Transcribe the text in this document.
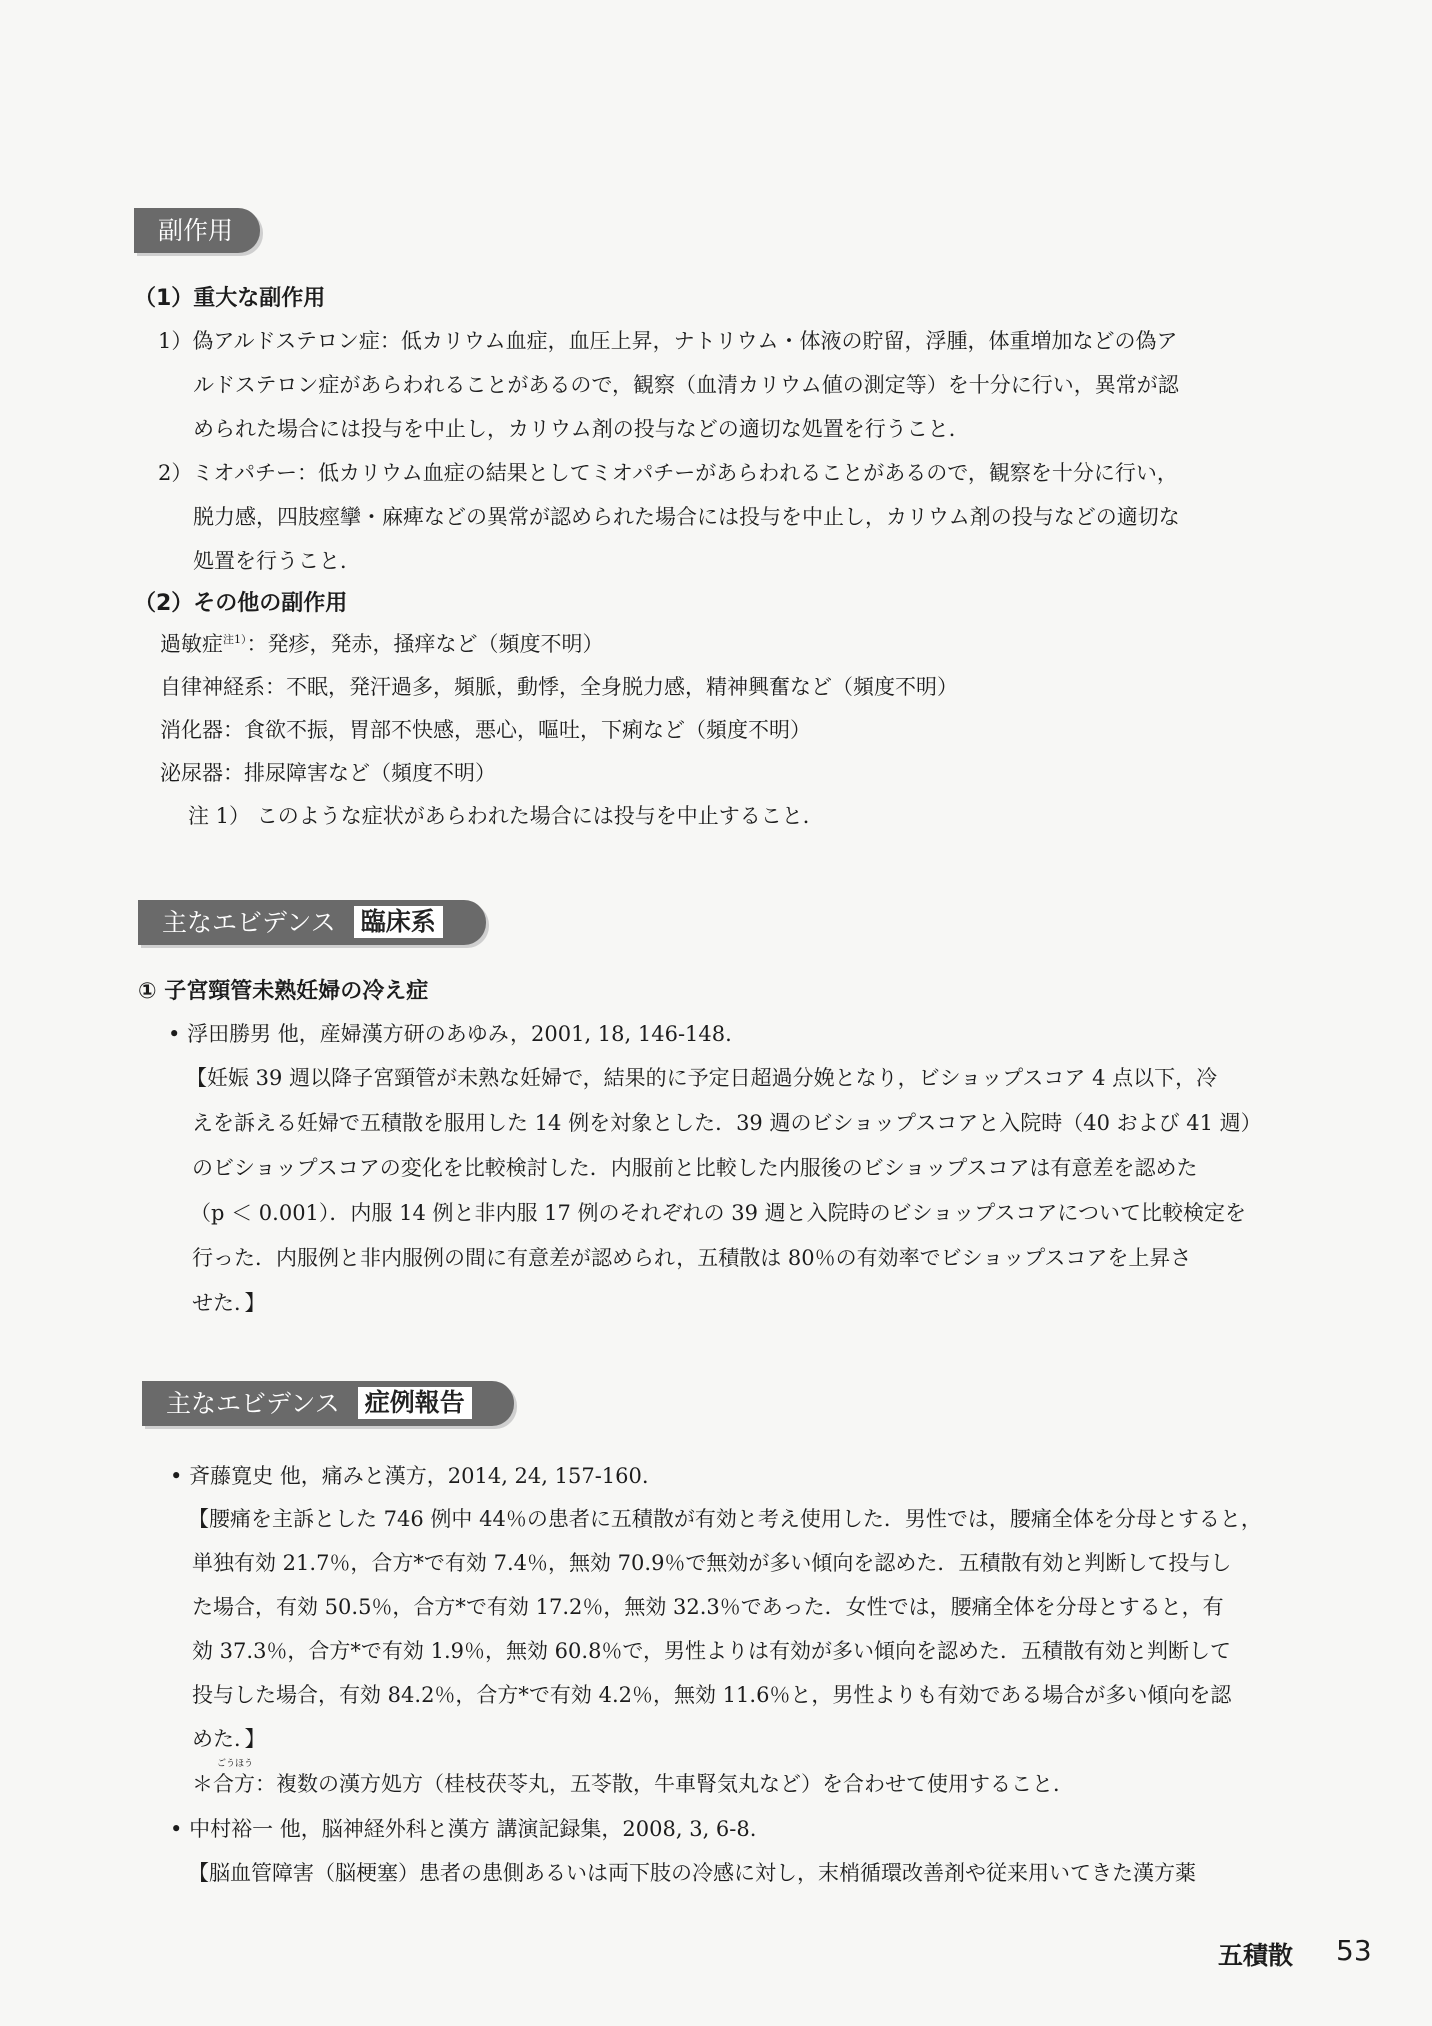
副作用
（1）重大な副作用
1）偽アルドステロン症：低カリウム血症，血圧上昇，ナトリウム・体液の貯留，浮腫，体重増加などの偽ア
ルドステロン症があらわれることがあるので，観察（血清カリウム値の測定等）を十分に行い，異常が認
められた場合には投与を中止し，カリウム剤の投与などの適切な処置を行うこと．
2）ミオパチー：低カリウム血症の結果としてミオパチーがあらわれることがあるので，観察を十分に行い，
脱力感，四肢痙攣・麻痺などの異常が認められた場合には投与を中止し，カリウム剤の投与などの適切な
処置を行うこと．
（2）その他の副作用
過敏症$^{注1)}$：発疹，発赤，掻痒など（頻度不明）
自律神経系：不眠，発汗過多，頻脈，動悸，全身脱力感，精神興奮など（頻度不明）
消化器：食欲不振，胃部不快感，悪心，嘔吐，下痢など（頻度不明）
泌尿器：排尿障害など（頻度不明）
注 1） このような症状があらわれた場合には投与を中止すること．
主なエビデンス 臨床系
① 子宮頸管未熟妊婦の冷え症
• 浮田勝男 他，産婦漢方研のあゆみ，2001, 18, 146-148.
【妊娠 39 週以降子宮頸管が未熟な妊婦で，結果的に予定日超過分娩となり，ビショップスコア 4 点以下，冷
えを訴える妊婦で五積散を服用した 14 例を対象とした．39 週のビショップスコアと入院時（40 および 41 週）
のビショップスコアの変化を比較検討した．内服前と比較した内服後のビショップスコアは有意差を認めた
（p ＜ 0.001）．内服 14 例と非内服 17 例のそれぞれの 39 週と入院時のビショップスコアについて比較検定を
行った．内服例と非内服例の間に有意差が認められ，五積散は 80％の有効率でビショップスコアを上昇さ
せた．】
主なエビデンス 症例報告
• 斉藤寛史 他，痛みと漢方，2014, 24, 157-160.
【腰痛を主訴とした 746 例中 44％の患者に五積散が有効と考え使用した．男性では，腰痛全体を分母とすると，
単独有効 21.7％，合方*で有効 7.4％，無効 70.9％で無効が多い傾向を認めた．五積散有効と判断して投与し
た場合，有効 50.5％，合方*で有効 17.2％，無効 32.3％であった．女性では，腰痛全体を分母とすると，有
効 37.3％，合方*で有効 1.9％，無効 60.8％で，男性よりは有効が多い傾向を認めた．五積散有効と判断して
投与した場合，有効 84.2％，合方*で有効 4.2％，無効 11.6％と，男性よりも有効である場合が多い傾向を認
めた．】
＊
ごうほう
合方：複数の漢方処方（桂枝茯苓丸，五苓散，牛車腎気丸など）を合わせて使用すること．
• 中村裕一 他，脳神経外科と漢方 講演記録集，2008, 3, 6-8.
【脳血管障害（脳梗塞）患者の患側あるいは両下肢の冷感に対し，末梢循環改善剤や従来用いてきた漢方薬
五積散 53
